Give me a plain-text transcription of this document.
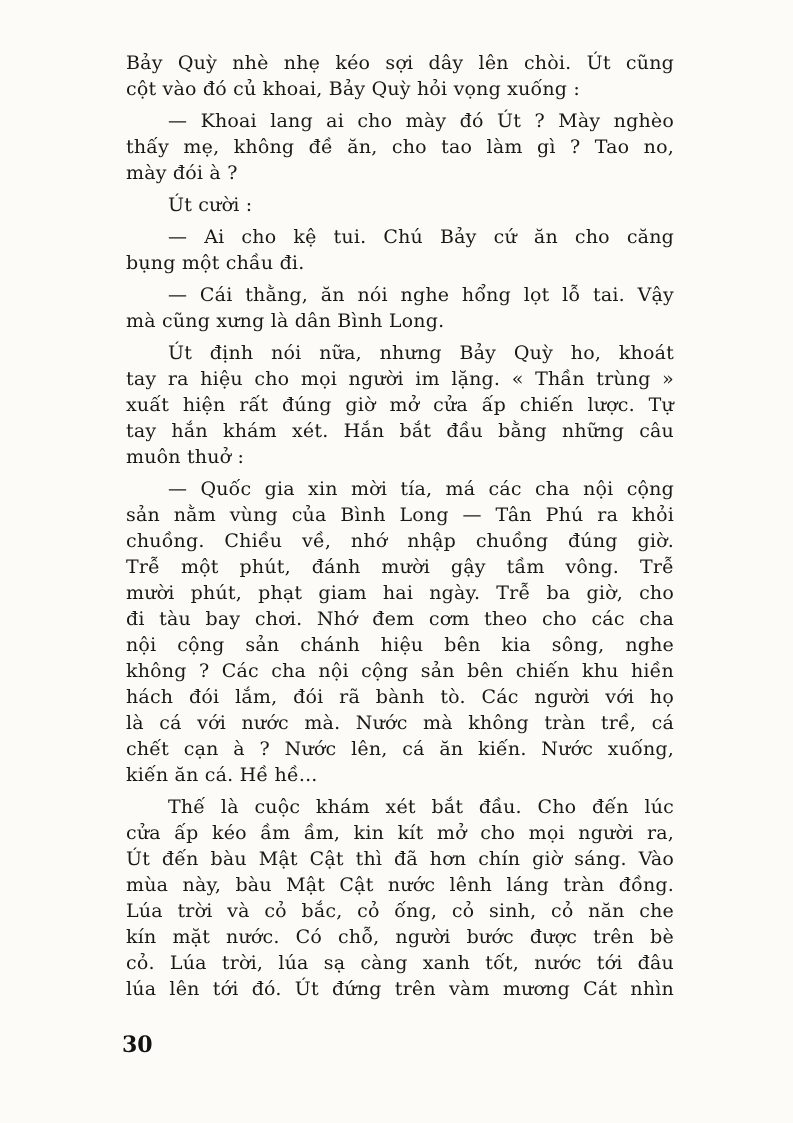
Bảy Quỳ nhè nhẹ kéo sợi dây lên chòi. Út cũng
cột vào đó củ khoai, Bảy Quỳ hỏi vọng xuống :

— Khoai lang ai cho mày đó Út ? Mày nghèo
thấy mẹ, không đề ăn, cho tao làm gì ? Tao no,
mày đói à ?

Út cười :

— Ai cho kệ tui. Chú Bảy cứ ăn cho căng
bụng một chầu đi.

— Cái thằng, ăn nói nghe hổng lọt lỗ tai. Vậy
mà cũng xưng là dân Bình Long.

Út định nói nữa, nhưng Bảy Quỳ ho, khoát
tay ra hiệu cho mọi người im lặng. « Thần trùng »
xuất hiện rất đúng giờ mở cửa ấp chiến lược. Tự
tay hắn khám xét. Hắn bắt đầu bằng những câu
muôn thuở :

— Quốc gia xin mời tía, má các cha nội cộng
sản nằm vùng của Bình Long — Tân Phú ra khỏi
chuồng. Chiều về, nhớ nhập chuồng đúng giờ.
Trễ một phút, đánh mười gậy tầm vông. Trễ
mười phút, phạt giam hai ngày. Trễ ba giờ, cho
đi tàu bay chơi. Nhớ đem cơm theo cho các cha
nội cộng sản chánh hiệu bên kia sông, nghe
không ? Các cha nội cộng sản bên chiến khu hiền
hách đói lắm, đói rã bành tò. Các người với họ
là cá với nước mà. Nước mà không tràn trề, cá
chết cạn à ? Nước lên, cá ăn kiến. Nước xuống,
kiến ăn cá. Hề hề...

Thế là cuộc khám xét bắt đầu. Cho đến lúc
cửa ấp kéo ầm ầm, kin kít mở cho mọi người ra,
Út đến bàu Mật Cật thì đã hơn chín giờ sáng. Vào
mùa này, bàu Mật Cật nước lênh láng tràn đồng.
Lúa trời và cỏ bắc, cỏ ống, cỏ sinh, cỏ năn che
kín mặt nước. Có chỗ, người bước được trên bè
cỏ. Lúa trời, lúa sạ càng xanh tốt, nước tới đâu
lúa lên tới đó. Út đứng trên vàm mương Cát nhìn

30
